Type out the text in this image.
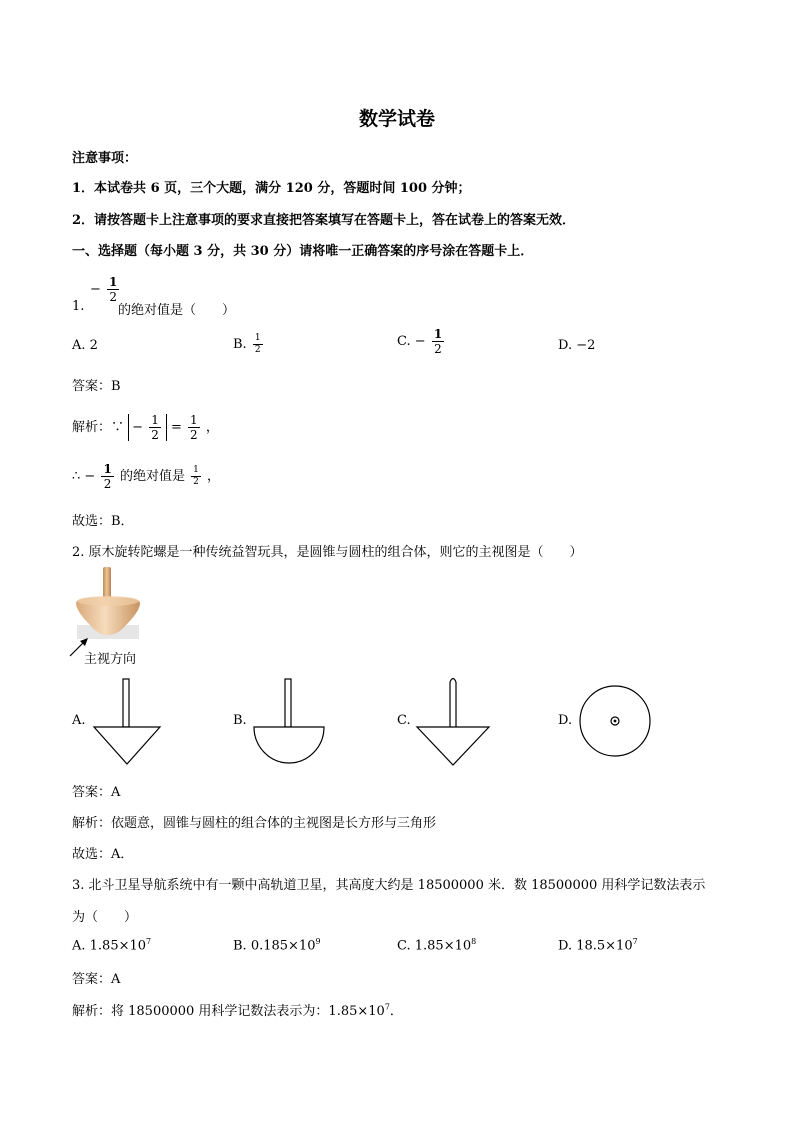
数学试卷
注意事项：
1．本试卷共 6 页，三个大题，满分 120 分，答题时间 100 分钟；
2．请按答题卡上注意事项的要求直接把答案填写在答题卡上，答在试卷上的答案无效．
一、选择题（每小题 3 分，共 30 分）请将唯一正确答案的序号涂在答题卡上．
− $\frac{1}{2}$
1.	的绝对值是（　　）
A. 2	B. $\frac{1}{2}$	C. − $\frac{1}{2}$	D. −2
答案：B
解析：∵ − $\frac{1}{2} = \frac{1}{2}$ ，
∴ − $\frac{1}{2}$ 的绝对值是 $\frac{1}{2}$ ，
故选：B．
2. 原木旋转陀螺是一种传统益智玩具，是圆锥与圆柱的组合体，则它的主视图是（　　）
主视方向
A.	B.	C.	D.
答案：A
解析：依题意，圆锥与圆柱的组合体的主视图是长方形与三角形
故选：A．
3. 北斗卫星导航系统中有一颗中高轨道卫星，其高度大约是 18500000 米．数 18500000 用科学记数法表示
为（　　）
A. $1.85\times 10^7$	B. $0.185\times 10^9$	C. $1.85\times 10^8$	D. $18.5\times 10^7$
答案：A
解析：将 18500000 用科学记数法表示为：$1.85\times 10^7$．
